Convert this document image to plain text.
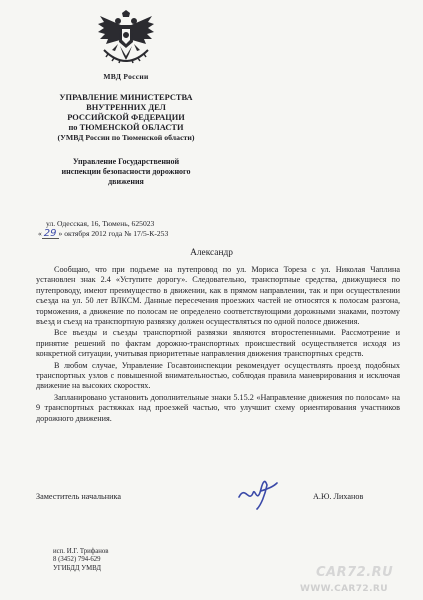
МВД России
УПРАВЛЕНИЕ МИНИСТЕРСТВА
ВНУТРЕННИХ ДЕЛ
РОССИЙСКОЙ ФЕДЕРАЦИИ
по ТЮМЕНСКОЙ ОБЛАСТИ
(УМВД России по Тюменской области)
Управление Государственной
инспекции безопасности дорожного
движения
ул. Одесская, 16, Тюмень, 625023
« 29 » октября 2012 года № 17/5-К-253
Александр

Сообщаю, что при подъеме на путепровод по ул. Мориса Тореза с ул. Николая Чаплина установлен знак 2.4 «Уступите дорогу». Следовательно, транспортные средства, движущиеся по путепроводу, имеют преимущество в движении, как в прямом направлении, так и при осуществлении съезда на ул. 50 лет ВЛКСМ. Данные пересечения проезжих частей не относятся к полосам разгона, торможения, а движение по полосам не определено соответствующими дорожными знаками, поэтому въезд и съезд на транспортную развязку должен осуществляться по одной полосе движения.

Все въезды и съезды транспортной развязки являются второстепенными. Рассмотрение и принятие решений по фактам дорожно-транспортных происшествий осуществляется исходя из конкретной ситуации, учитывая приоритетные направления движения транспортных средств.

В любом случае, Управление Госавтоинспекции рекомендует осуществлять проезд подобных транспортных узлов с повышенной внимательностью, соблюдая правила маневрирования и исключая движение на высоких скоростях.

Запланировано установить дополнительные знаки 5.15.2 «Направление движения по полосам» на 9 транспортных растяжках над проезжей частью, что улучшит схему ориентирования участников дорожного движения.

Заместитель начальника	А.Ю. Лиханов
исп. И.Г. Трифанов
8 (3452) 794-629
УГИБДД УМВД	CAR72.RU
WWW.CAR72.RU
